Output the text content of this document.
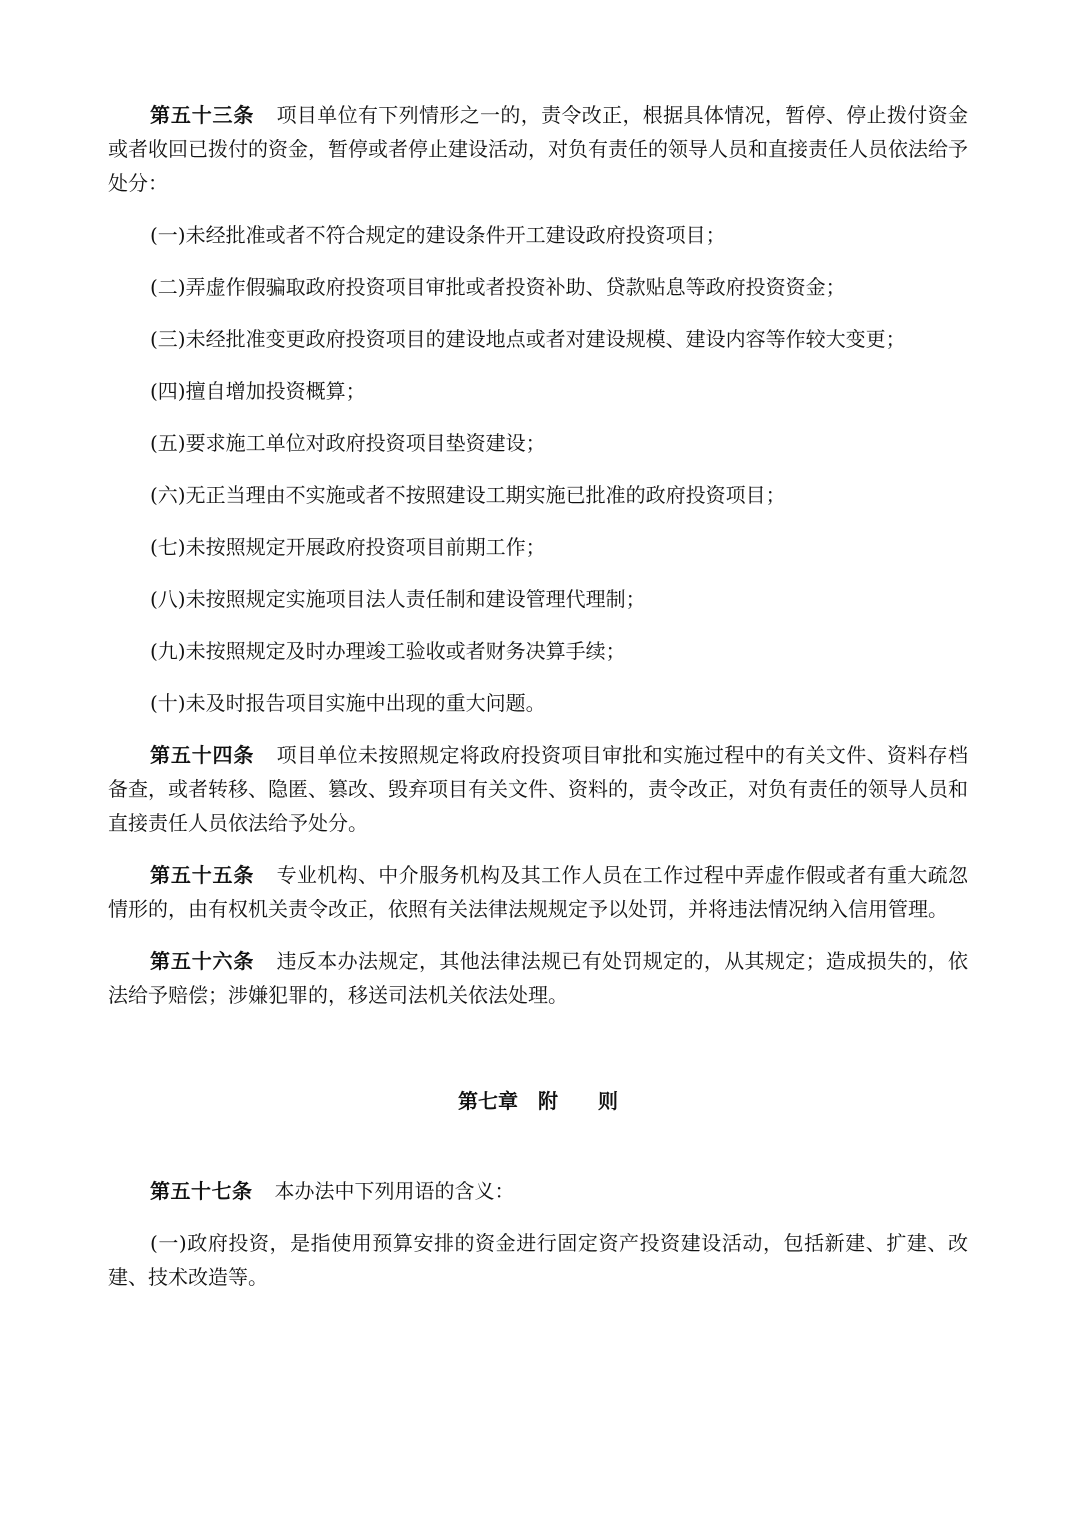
第五十三条 项目单位有下列情形之一的，责令改正，根据具体情况，暂停、停止拨付资金或者收回已拨付的资金，暂停或者停止建设活动，对负有责任的领导人员和直接责任人员依法给予处分：

(一)未经批准或者不符合规定的建设条件开工建设政府投资项目；

(二)弄虚作假骗取政府投资项目审批或者投资补助、贷款贴息等政府投资资金；

(三)未经批准变更政府投资项目的建设地点或者对建设规模、建设内容等作较大变更；

(四)擅自增加投资概算；

(五)要求施工单位对政府投资项目垫资建设；

(六)无正当理由不实施或者不按照建设工期实施已批准的政府投资项目；

(七)未按照规定开展政府投资项目前期工作；

(八)未按照规定实施项目法人责任制和建设管理代理制；

(九)未按照规定及时办理竣工验收或者财务决算手续；

(十)未及时报告项目实施中出现的重大问题。

第五十四条 项目单位未按照规定将政府投资项目审批和实施过程中的有关文件、资料存档备查，或者转移、隐匿、篡改、毁弃项目有关文件、资料的，责令改正，对负有责任的领导人员和直接责任人员依法给予处分。

第五十五条 专业机构、中介服务机构及其工作人员在工作过程中弄虚作假或者有重大疏忽情形的，由有权机关责令改正，依照有关法律法规规定予以处罚，并将违法情况纳入信用管理。

第五十六条 违反本办法规定，其他法律法规已有处罚规定的，从其规定；造成损失的，依法给予赔偿；涉嫌犯罪的，移送司法机关依法处理。

第七章 附 则

第五十七条 本办法中下列用语的含义：

(一)政府投资，是指使用预算安排的资金进行固定资产投资建设活动，包括新建、扩建、改建、技术改造等。
